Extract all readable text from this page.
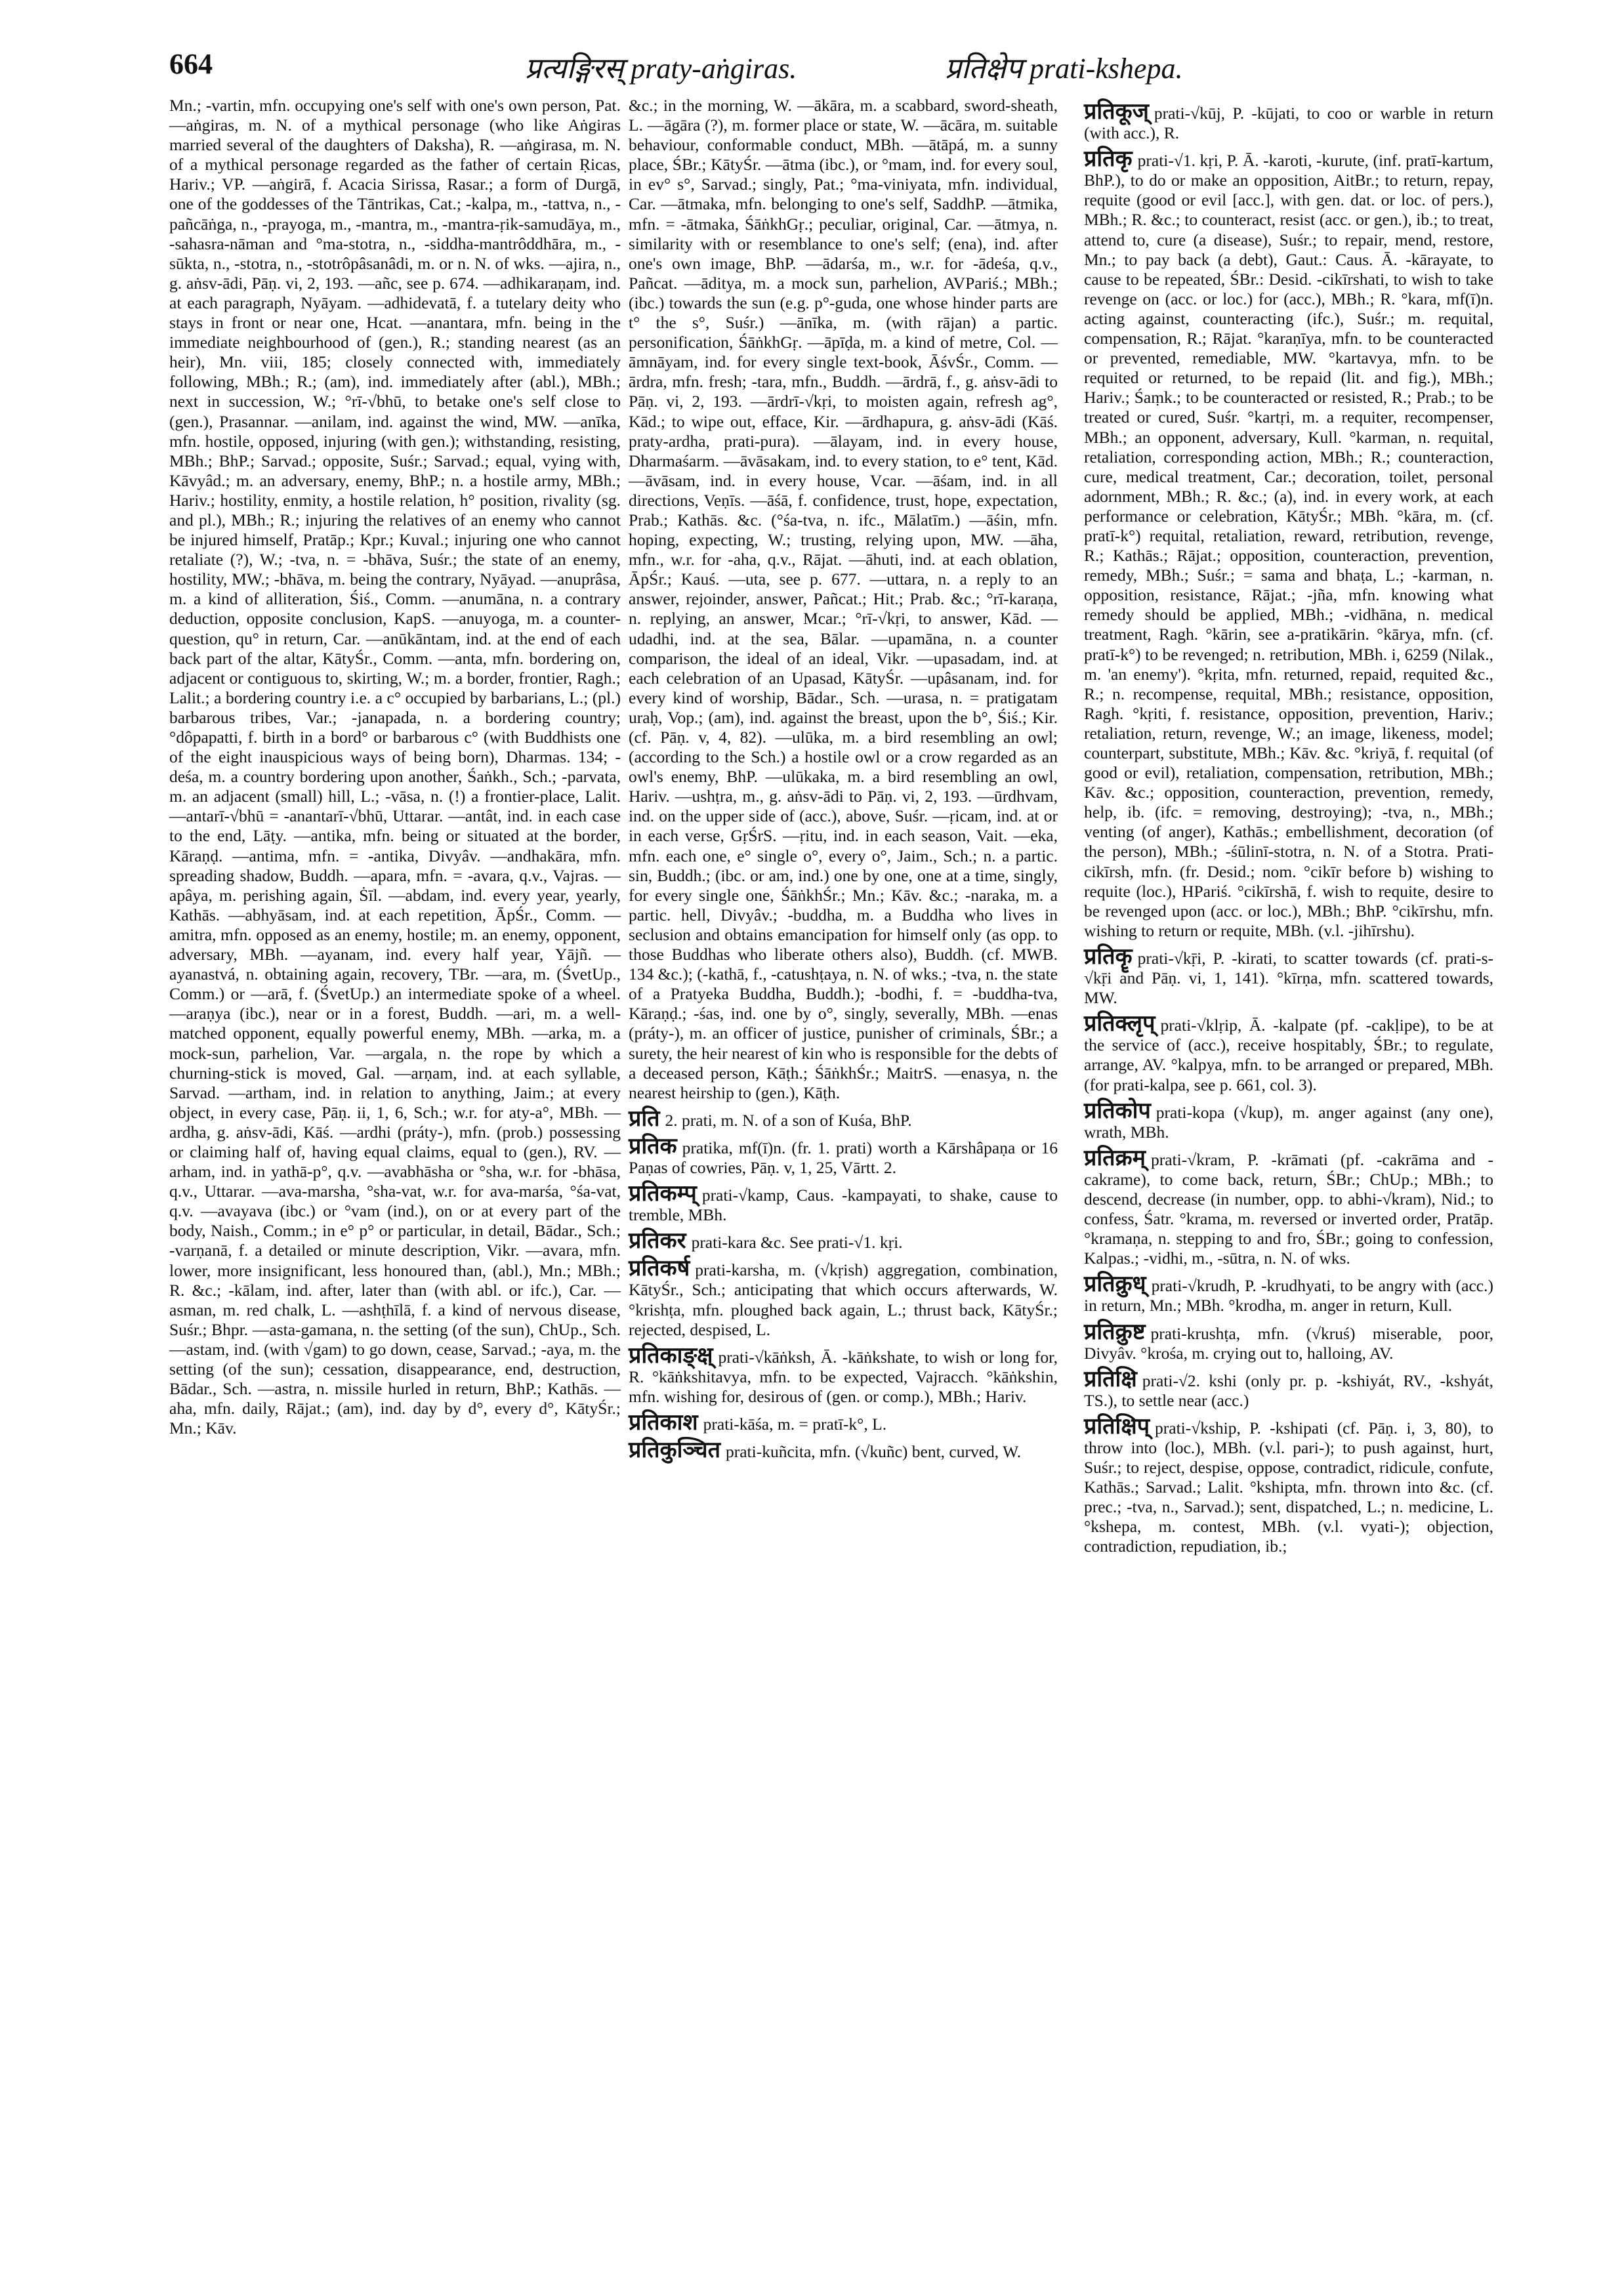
664	प्रत्यङ्गिरस् praty-aṅgiras.	प्रतिक्षेप prati-kshepa.

Mn.; -vartin, mfn. occupying one's self with one's own person, Pat. —aṅgiras, m. N. of a mythical personage (who like Aṅgiras married several of the daughters of Daksha), R. —aṅgirasa, m. N. of a mythical personage regarded as the father of certain Ṛicas, Hariv.; VP. —aṅgirā, f. Acacia Sirissa, Rasar.; a form of Durgā, one of the goddesses of the Tāntrikas, Cat.; -kalpa, m., -tattva, n., -pañcāṅga, n., -prayoga, m., -mantra, m., -mantra-ṛik-samudāya, m., -sahasra-nāman and °ma-stotra, n., -siddha-mantrôddhāra, m., -sūkta, n., -stotra, n., -stotrôpâsanâdi, m. or n. N. of wks. —ajira, n., g. aṅsv-ādi, Pāṇ. vi, 2, 193. —añc, see p. 674. —adhikaraṇam, ind. at each paragraph, Nyāyam. —adhidevatā, f. a tutelary deity who stays in front or near one, Hcat. —anantara, mfn. being in the immediate neighbourhood of (gen.), R.; standing nearest (as an heir), Mn. viii, 185; closely connected with, immediately following, MBh.; R.; (am), ind. immediately after (abl.), MBh.; next in succession, W.; °rī-√bhū, to betake one's self close to (gen.), Prasannar. —anilam, ind. against the wind, MW. —anīka, mfn. hostile, opposed, injuring (with gen.); withstanding, resisting, MBh.; BhP.; Sarvad.; opposite, Suśr.; Sarvad.; equal, vying with, Kāvyâd.; m. an adversary, enemy, BhP.; n. a hostile army, MBh.; Hariv.; hostility, enmity, a hostile relation, h° position, rivality (sg. and pl.), MBh.; R.; injuring the relatives of an enemy who cannot be injured himself, Pratāp.; Kpr.; Kuval.; injuring one who cannot retaliate (?), W.; -tva, n. = -bhāva, Suśr.; the state of an enemy, hostility, MW.; -bhāva, m. being the contrary, Nyāyad. —anuprâsa, m. a kind of alliteration, Śiś., Comm. —anumāna, n. a contrary deduction, opposite conclusion, KapS. —anuyoga, m. a counter-question, qu° in return, Car. —anūkāntam, ind. at the end of each back part of the altar, KātyŚr., Comm. —anta, mfn. bordering on, adjacent or contiguous to, skirting, W.; m. a border, frontier, Ragh.; Lalit.; a bordering country i.e. a c° occupied by barbarians, L.; (pl.) barbarous tribes, Var.; -janapada, n. a bordering country; °dôpapatti, f. birth in a bord° or barbarous c° (with Buddhists one of the eight inauspicious ways of being born), Dharmas. 134; -deśa, m. a country bordering upon another, Śaṅkh., Sch.; -parvata, m. an adjacent (small) hill, L.; -vāsa, n. (!) a frontier-place, Lalit. —antarī-√bhū = -anantarī-√bhū, Uttarar. —antât, ind. in each case to the end, Lāṭy. —antika, mfn. being or situated at the border, Kāraṇḍ. —antima, mfn. = -antika, Divyâv. —andhakāra, mfn. spreading shadow, Buddh. —apara, mfn. = -avara, q.v., Vajras. —apâya, m. perishing again, Ṡīl. —abdam, ind. every year, yearly, Kathās. —abhyāsam, ind. at each repetition, ĀpŚr., Comm. —amitra, mfn. opposed as an enemy, hostile; m. an enemy, opponent, adversary, MBh. —ayanam, ind. every half year, Yājñ. —ayanastvá, n. obtaining again, recovery, TBr. —ara, m. (ŚvetUp., Comm.) or —arā, f. (ŚvetUp.) an intermediate spoke of a wheel. —araṇya (ibc.), near or in a forest, Buddh. —ari, m. a well-matched opponent, equally powerful enemy, MBh. —arka, m. a mock-sun, parhelion, Var. —argala, n. the rope by which a churning-stick is moved, Gal. —arṇam, ind. at each syllable, Sarvad. —artham, ind. in relation to anything, Jaim.; at every object, in every case, Pāṇ. ii, 1, 6, Sch.; w.r. for aty-a°, MBh. —ardha, g. aṅsv-ādi, Kāś. —ardhi (práty-), mfn. (prob.) possessing or claiming half of, having equal claims, equal to (gen.), RV. —arham, ind. in yathā-p°, q.v. —avabhāsha or °sha, w.r. for -bhāsa, q.v., Uttarar. —ava-marsha, °sha-vat, w.r. for ava-marśa, °śa-vat, q.v. —avayava (ibc.) or °vam (ind.), on or at every part of the body, Naish., Comm.; in e° p° or particular, in detail, Bādar., Sch.; -varṇanā, f. a detailed or minute description, Vikr. —avara, mfn. lower, more insignificant, less honoured than, (abl.), Mn.; MBh.; R. &c.; -kālam, ind. after, later than (with abl. or ifc.), Car. —asman, m. red chalk, L. —ashṭhīlā, f. a kind of nervous disease, Suśr.; Bhpr. —asta-gamana, n. the setting (of the sun), ChUp., Sch. —astam, ind. (with √gam) to go down, cease, Sarvad.; -aya, m. the setting (of the sun); cessation, disappearance, end, destruction, Bādar., Sch. —astra, n. missile hurled in return, BhP.; Kathās. —aha, mfn. daily, Rājat.; (am), ind. day by d°, every d°, KātyŚr.; Mn.; Kāv.

&c.; in the morning, W. —ākāra, m. a scabbard, sword-sheath, L. —āgāra (?), m. former place or state, W. —ācāra, m. suitable behaviour, conformable conduct, MBh. —ātāpá, m. a sunny place, ŚBr.; KātyŚr. —ātma (ibc.), or °mam, ind. for every soul, in ev° s°, Sarvad.; singly, Pat.; °ma-viniyata, mfn. individual, Car. —ātmaka, mfn. belonging to one's self, SaddhP. —ātmika, mfn. = -ātmaka, ŚāṅkhGṛ.; peculiar, original, Car. —ātmya, n. similarity with or resemblance to one's self; (ena), ind. after one's own image, BhP. —ādarśa, m., w.r. for -ādeśa, q.v., Pañcat. —āditya, m. a mock sun, parhelion, AVPariś.; MBh.; (ibc.) towards the sun (e.g. p°-guda, one whose hinder parts are t° the s°, Suśr.) —ānīka, m. (with rājan) a partic. personification, ŚāṅkhGṛ. —āpīḍa, m. a kind of metre, Col. —āmnāyam, ind. for every single text-book, ĀśvŚr., Comm. —ārdra, mfn. fresh; -tara, mfn., Buddh. —ārdrā, f., g. aṅsv-ādi to Pāṇ. vi, 2, 193. —ārdrī-√kṛi, to moisten again, refresh ag°, Kād.; to wipe out, efface, Kir. —ārdhapura, g. aṅsv-ādi (Kāś. praty-ardha, prati-pura). —ālayam, ind. in every house, Dharmaśarm. —āvāsakam, ind. to every station, to e° tent, Kād. —āvāsam, ind. in every house, Vcar. —āśam, ind. in all directions, Veṇīs. —āśā, f. confidence, trust, hope, expectation, Prab.; Kathās. &c. (°śa-tva, n. ifc., Mālatīm.) —āśin, mfn. hoping, expecting, W.; trusting, relying upon, MW. —āha, mfn., w.r. for -aha, q.v., Rājat. —āhuti, ind. at each oblation, ĀpŚr.; Kauś. —uta, see p. 677. —uttara, n. a reply to an answer, rejoinder, answer, Pañcat.; Hit.; Prab. &c.; °rī-karaṇa, n. replying, an answer, Mcar.; °rī-√kṛi, to answer, Kād. —udadhi, ind. at the sea, Bālar. —upamāna, n. a counter comparison, the ideal of an ideal, Vikr. —upasadam, ind. at each celebration of an Upasad, KātyŚr. —upâsanam, ind. for every kind of worship, Bādar., Sch. —urasa, n. = pratigatam uraḥ, Vop.; (am), ind. against the breast, upon the b°, Śiś.; Kir. (cf. Pāṇ. v, 4, 82). —ulūka, m. a bird resembling an owl; (according to the Sch.) a hostile owl or a crow regarded as an owl's enemy, BhP. —ulūkaka, m. a bird resembling an owl, Hariv. —ushṭra, m., g. aṅsv-ādi to Pāṇ. vi, 2, 193. —ūrdhvam, ind. on the upper side of (acc.), above, Suśr. —ṛicam, ind. at or in each verse, GṛŚrS. —ṛitu, ind. in each season, Vait. —eka, mfn. each one, e° single o°, every o°, Jaim., Sch.; n. a partic. sin, Buddh.; (ibc. or am, ind.) one by one, one at a time, singly, for every single one, ŚāṅkhŚr.; Mn.; Kāv. &c.; -naraka, m. a partic. hell, Divyâv.; -buddha, m. a Buddha who lives in seclusion and obtains emancipation for himself only (as opp. to those Buddhas who liberate others also), Buddh. (cf. MWB. 134 &c.); (-kathā, f., -catushṭaya, n. N. of wks.; -tva, n. the state of a Pratyeka Buddha, Buddh.); -bodhi, f. = -buddha-tva, Kāraṇḍ.; -śas, ind. one by o°, singly, severally, MBh. —enas (práty-), m. an officer of justice, punisher of criminals, ŚBr.; a surety, the heir nearest of kin who is responsible for the debts of a deceased person, Kāṭh.; ŚāṅkhŚr.; MaitrS. —enasya, n. the nearest heirship to (gen.), Kāṭh.

प्रति 2. prati, m. N. of a son of Kuśa, BhP.

प्रतिक pratika, mf(ī)n. (fr. 1. prati) worth a Kārshâpaṇa or 16 Paṇas of cowries, Pāṇ. v, 1, 25, Vārtt. 2.

प्रतिकम्प् prati-√kamp, Caus. -kampayati, to shake, cause to tremble, MBh.

प्रतिकर prati-kara &c. See prati-√1. kṛi.

प्रतिकर्ष prati-karsha, m. (√kṛish) aggregation, combination, KātyŚr., Sch.; anticipating that which occurs afterwards, W. °krishṭa, mfn. ploughed back again, L.; thrust back, KātyŚr.; rejected, despised, L.

प्रतिकाङ्क्ष् prati-√kāṅksh, Ā. -kāṅkshate, to wish or long for, R. °kāṅkshitavya, mfn. to be expected, Vajracch. °kāṅkshin, mfn. wishing for, desirous of (gen. or comp.), MBh.; Hariv.

प्रतिकाश prati-kāśa, m. = pratī-k°, L.

प्रतिकुञ्चित prati-kuñcita, mfn. (√kuñc) bent, curved, W.

प्रतिकूज् prati-√kūj, P. -kūjati, to coo or warble in return (with acc.), R.

प्रतिकृ prati-√1. kṛi, P. Ā. -karoti, -kurute, (inf. pratī-kartum, BhP.), to do or make an opposition, AitBr.; to return, repay, requite (good or evil [acc.], with gen. dat. or loc. of pers.), MBh.; R. &c.; to counteract, resist (acc. or gen.), ib.; to treat, attend to, cure (a disease), Suśr.; to repair, mend, restore, Mn.; to pay back (a debt), Gaut.: Caus. Ā. -kārayate, to cause to be repeated, ŚBr.: Desid. -cikīrshati, to wish to take revenge on (acc. or loc.) for (acc.), MBh.; R. °kara, mf(ī)n. acting against, counteracting (ifc.), Suśr.; m. requital, compensation, R.; Rājat. °karaṇīya, mfn. to be counteracted or prevented, remediable, MW. °kartavya, mfn. to be requited or returned, to be repaid (lit. and fig.), MBh.; Hariv.; Śaṃk.; to be counteracted or resisted, R.; Prab.; to be treated or cured, Suśr. °kartṛi, m. a requiter, recompenser, MBh.; an opponent, adversary, Kull. °karman, n. requital, retaliation, corresponding action, MBh.; R.; counteraction, cure, medical treatment, Car.; decoration, toilet, personal adornment, MBh.; R. &c.; (a), ind. in every work, at each performance or celebration, KātyŚr.; MBh. °kāra, m. (cf. pratī-k°) requital, retaliation, reward, retribution, revenge, R.; Kathās.; Rājat.; opposition, counteraction, prevention, remedy, MBh.; Suśr.; = sama and bhaṭa, L.; -karman, n. opposition, resistance, Rājat.; -jña, mfn. knowing what remedy should be applied, MBh.; -vidhāna, n. medical treatment, Ragh. °kārin, see a-pratikārin. °kārya, mfn. (cf. pratī-k°) to be revenged; n. retribution, MBh. i, 6259 (Nilak., m. 'an enemy'). °kṛita, mfn. returned, repaid, requited &c., R.; n. recompense, requital, MBh.; resistance, opposition, Ragh. °kṛiti, f. resistance, opposition, prevention, Hariv.; retaliation, return, revenge, W.; an image, likeness, model; counterpart, substitute, MBh.; Kāv. &c. °kriyā, f. requital (of good or evil), retaliation, compensation, retribution, MBh.; Kāv. &c.; opposition, counteraction, prevention, remedy, help, ib. (ifc. = removing, destroying); -tva, n., MBh.; venting (of anger), Kathās.; embellishment, decoration (of the person), MBh.; -śūlinī-stotra, n. N. of a Stotra. Prati-cikīrsh, mfn. (fr. Desid.; nom. °cikīr before b) wishing to requite (loc.), HPariś. °cikīrshā, f. wish to requite, desire to be revenged upon (acc. or loc.), MBh.; BhP. °cikīrshu, mfn. wishing to return or requite, MBh. (v.l. -jihīrshu).

प्रतिकॄ prati-√kṝi, P. -kirati, to scatter towards (cf. prati-s-√kṝi and Pāṇ. vi, 1, 141). °kīrṇa, mfn. scattered towards, MW.

प्रतिक्लृप् prati-√klṛip, Ā. -kalpate (pf. -cakḷipe), to be at the service of (acc.), receive hospitably, ŚBr.; to regulate, arrange, AV. °kalpya, mfn. to be arranged or prepared, MBh. (for prati-kalpa, see p. 661, col. 3).

प्रतिकोप prati-kopa (√kup), m. anger against (any one), wrath, MBh.

प्रतिक्रम् prati-√kram, P. -krāmati (pf. -cakrāma and -cakrame), to come back, return, ŚBr.; ChUp.; MBh.; to descend, decrease (in number, opp. to abhi-√kram), Nid.; to confess, Śatr. °krama, m. reversed or inverted order, Pratāp. °kramaṇa, n. stepping to and fro, ŚBr.; going to confession, Kalpas.; -vidhi, m., -sūtra, n. N. of wks.

प्रतिक्रुध् prati-√krudh, P. -krudhyati, to be angry with (acc.) in return, Mn.; MBh. °krodha, m. anger in return, Kull.

प्रतिक्रुष्ट prati-krushṭa, mfn. (√kruś) miserable, poor, Divyâv. °krośa, m. crying out to, halloing, AV.

प्रतिक्षि prati-√2. kshi (only pr. p. -kshiyát, RV., -kshyát, TS.), to settle near (acc.)

प्रतिक्षिप् prati-√kship, P. -kshipati (cf. Pāṇ. i, 3, 80), to throw into (loc.), MBh. (v.l. pari-); to push against, hurt, Suśr.; to reject, despise, oppose, contradict, ridicule, confute, Kathās.; Sarvad.; Lalit. °kshipta, mfn. thrown into &c. (cf. prec.; -tva, n., Sarvad.); sent, dispatched, L.; n. medicine, L. °kshepa, m. contest, MBh. (v.l. vyati-); objection, contradiction, repudiation, ib.;
